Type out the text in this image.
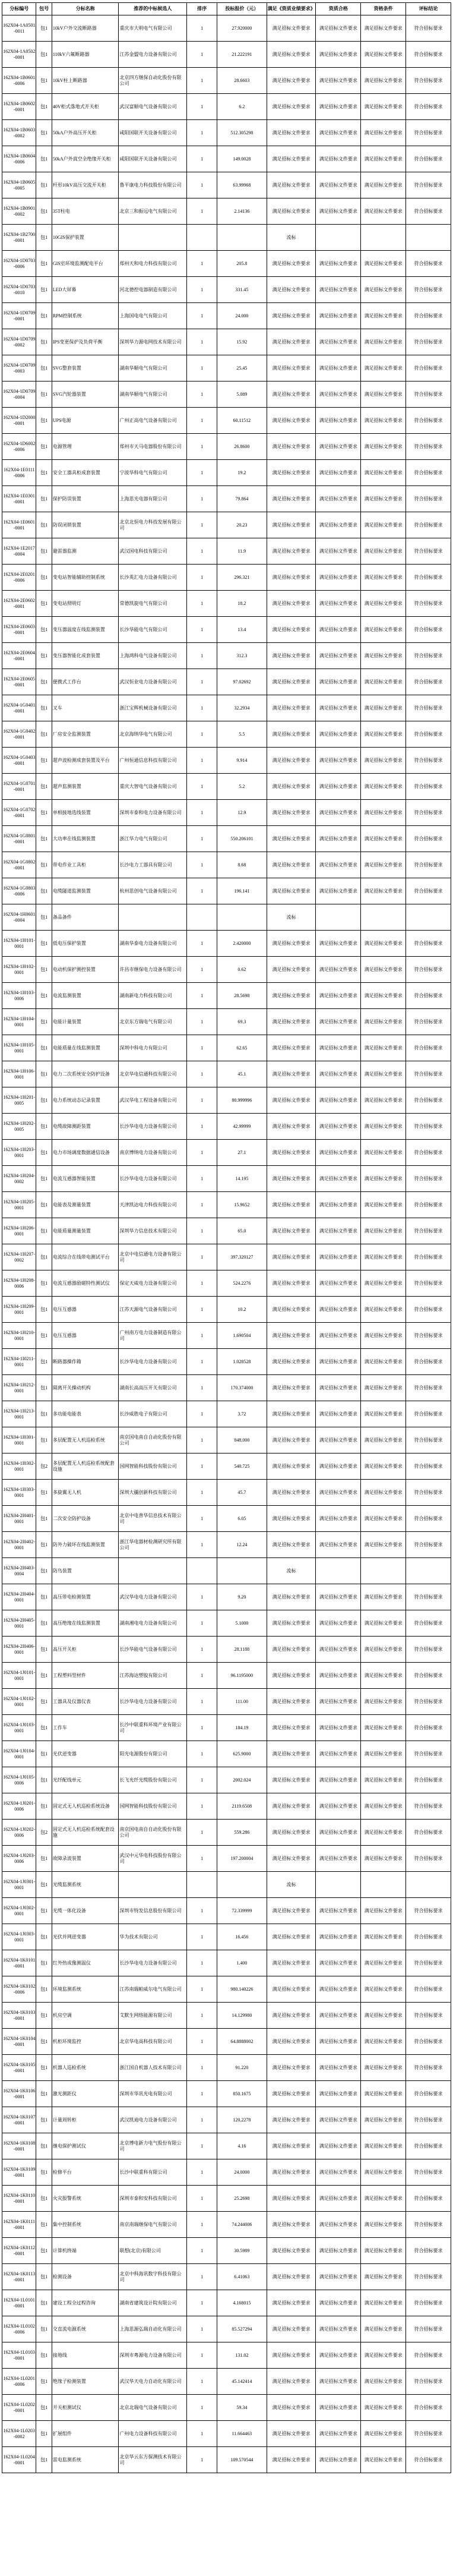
分标编号	包号	分标名称	推荐的中标候选人	排序	投标报价（元）	满足《资质业绩要求》	资质合格	资格条件	评标结论
162X04-1A0501-0011	包1	10kV户外交流断路器	重庆市大明电气有限公司	1	27.920000	满足招标文件要求	满足招标文件要求	满足招标文件要求	符合招标要求
162X04-1A0502-0001	包1	110kV六氟断路器	江苏金盟电力设备有限公司	1	21.222191	满足招标文件要求	满足招标文件要求	满足招标文件要求	符合招标要求
162X04-1B0601-0006	包1	10kV柱上断路器	北京四方继保自动化股份有限公司	1	28.6603	满足招标文件要求	满足招标文件要求	满足招标文件要求	符合招标要求
162X04-1B0602-0001	包1	40V柜式落地式开关柜	武汉富顺电气设备有限公司	1	6.2	满足招标文件要求	满足招标文件要求	满足招标文件要求	符合招标要求
162X04-1B0603-0002	包1	50kA户外高压开关柜	咸阳国联开关设备有限公司	1	512.305298	满足招标文件要求	满足招标文件要求	满足招标文件要求	符合招标要求
162X04-1B0604-0006	包1	50kA户外真空全绝缘开关柜	咸阳国联开关设备有限公司	1	149.0028	满足招标文件要求	满足招标文件要求	满足招标文件要求	符合招标要求
162X04-1B0605-0005	包1	杆形10kV高压交流开关柜	鲁平康电力科技股份有限公司	1	63.99968	满足招标文件要求	满足招标文件要求	满足招标文件要求	符合招标要求
162X04-1B0901-0002	包1	35T柱电	北京三和振远电气有限公司	1	2.14136	满足招标文件要求	满足招标文件要求	满足招标文件要求	符合招标要求
162X04-1B2700-0001	包1	10GIS保护装置				流标			
162X04-1D0703-0006	包1	GIS室环境监测配电平台	郑州天和电力科技有限公司	1	205.8	满足招标文件要求	满足招标文件要求	满足招标文件要求	符合招标要求
162X04-1D0703-0010	包1	LED大屏幕	河北德控电器制造有限公司	1	331.45	满足招标文件要求	满足招标文件要求	满足招标文件要求	符合招标要求
162X04-1D0709-0001	包1	RPM控制系统	上海国电电气有限公司	1	24.000	满足招标文件要求	满足招标文件要求	满足招标文件要求	符合招标要求
162X04-1D0709-0002	包1	IPS变更保护及负荷平衡	深圳华力源电网技术有限公司	1	15.92	满足招标文件要求	满足招标文件要求	满足招标文件要求	符合招标要求
162X04-1D0709-0003	包1	SVG整套装置	湖南华顺电气有限公司	1	25.45	满足招标文件要求	满足招标文件要求	满足招标文件要求	符合招标要求
162X04-1D0709-0004	包1	SVG汽轮器装置	湖南华顺电气有限公司	1	5.089	满足招标文件要求	满足招标文件要求	满足招标文件要求	符合招标要求
162X04-1D2000-0001	包1	UPS电源	广州正高电气设备有限公司	1	60.11512	满足招标文件要求	满足招标文件要求	满足招标文件要求	符合招标要求
162X04-1D6002-0006	包1	电源管理	郑州市天马电器股份有限公司	1	26.8600	满足招标文件要求	满足招标文件要求	满足招标文件要求	符合招标要求
162X04-1E0111-0006	包1	安全工器具柜成套装置	宁波华科电气有限公司	1	19.2	满足招标文件要求	满足招标文件要求	满足招标文件要求	符合招标要求
162X04-1E0301-0001	包1	保护防误装置	上海思光电器有限公司	1	79.864	满足招标文件要求	满足招标文件要求	满足招标文件要求	符合招标要求
162X04-1E0601-0001	包1	防误闭锁装置	北京北恒电力科技发展有限公司	1	20.23	满足招标文件要求	满足招标文件要求	满足招标文件要求	符合招标要求
162X04-1E2017-0004	包1	避雷器监测	武汉国电科技有限公司	1	11.9	满足招标文件要求	满足招标文件要求	满足招标文件要求	符合招标要求
162X04-2E0201-0006	包1	变电站智能辅助控制系统	长沙英汇电力设备有限公司	1	296.321	满足招标文件要求	满足招标文件要求	满足招标文件要求	符合招标要求
162X04-2E0602-0001	包1	变电站照明灯	常德凯旋电气有限公司	1	18.2	满足招标文件要求	满足招标文件要求	满足招标文件要求	符合招标要求
162X04-2E0603-0001	包1	变压器温度在线监测装置	长沙华能电气有限公司	1	13.4	满足招标文件要求	满足招标文件要求	满足招标文件要求	符合招标要求
162X04-2E0604-0001	包1	变压器智能化成套装置	上海鸿科电气设备有限公司	1	312.3	满足招标文件要求	满足招标文件要求	满足招标文件要求	符合招标要求
162X04-2E0605-0001	包1	便携式工作台	武汉恒业电力设备有限公司	1	97.02692	满足招标文件要求	满足招标文件要求	满足招标文件要求	符合招标要求
162X04-1G0401-0001	包1	叉车	浙江宝辉机械设备有限公司	1	32.2934	满足招标文件要求	满足招标文件要求	满足招标文件要求	符合招标要求
162X04-1G0402-0001	包1	厂房安全监测装置	北京海纳华电气有限公司	1	5.5	满足招标文件要求	满足招标文件要求	满足招标文件要求	符合招标要求
162X04-1G0403-0001	包1	超声波检测成套装置及平台	广州恒通信息科技有限公司	1	9.914	满足招标文件要求	满足招标文件要求	满足招标文件要求	符合招标要求
162X04-1G0701-0001	包1	超声监测装置	重庆大智电气设备有限公司	1	5.2	满足招标文件要求	满足招标文件要求	满足招标文件要求	符合招标要求
162X04-1G0702-0001	包1	单相接地选线装置	深圳市泰和电力设备有限公司	1	12.9	满足招标文件要求	满足招标文件要求	满足招标文件要求	符合招标要求
162X04-1G0801-0001	包1	大功率在线监测装置	浙江华力电气有限公司	1	550.206101	满足招标文件要求	满足招标文件要求	满足招标文件要求	符合招标要求
162X04-1G0802-0001	包1	带电作业工具柜	长沙电力工器具有限公司	1	8.68	满足招标文件要求	满足招标文件要求	满足招标文件要求	符合招标要求
162X04-1G0803-0006	包1	电缆隧道监测装置	杭州思创电气设备有限公司	1	196.141	满足招标文件要求	满足招标文件要求	满足招标文件要求	符合招标要求
162X04-1H0601-0004	包1	备品备件				流标			
162X04-1I0101-0001	包1	低电压保护装置	湖南华泰电力设备有限公司	1	2.420000	满足招标文件要求	满足招标文件要求	满足招标文件要求	符合招标要求
162X04-1I0102-0001	包1	电动机保护测控装置	许昌市继保电力设备有限公司	1	0.62	满足招标文件要求	满足招标文件要求	满足招标文件要求	符合招标要求
162X04-1I0103-0006	包1	电流监测装置	湖南新电力科技有限公司	1	28.5698	满足招标文件要求	满足招标文件要求	满足招标文件要求	符合招标要求
162X04-1I0104-0001	包1	电能计量装置	北京东方瑞电气有限公司	1	69.3	满足招标文件要求	满足招标文件要求	满足招标文件要求	符合招标要求
162X04-1I0105-0001	包1	电能质量在线监测装置	深圳中科电力有限公司	1	62.65	满足招标文件要求	满足招标文件要求	满足招标文件要求	符合招标要求
162X04-1I0106-0001	包1	电力二次系统安全防护设备	北京华电信通科技有限公司	1	45.1	满足招标文件要求	满足招标文件要求	满足招标文件要求	符合招标要求
162X04-1I0201-0005	包1	电力系统动态记录装置	武汉华电工程设备有限公司	1	80.999996	满足招标文件要求	满足招标文件要求	满足招标文件要求	符合招标要求
162X04-1I0202-0005	包1	电缆故障测距装置	长沙华电电力设备有限公司	1	42.99999	满足招标文件要求	满足招标文件要求	满足招标文件要求	符合招标要求
162X04-1I0203-0001	包1	电力市场调度数据通信设备	南京博纳电力设备有限公司	1	27.1	满足招标文件要求	满足招标文件要求	满足招标文件要求	符合招标要求
162X04-1I0204-0002	包1	电流互感器智能装置	长沙华电电力设备有限公司	1	14.195	满足招标文件要求	满足招标文件要求	满足招标文件要求	符合招标要求
162X04-1I0205-0001	包1	电能表及测量装置	天津凯达电力科技有限公司	1	15.9652	满足招标文件要求	满足招标文件要求	满足招标文件要求	符合招标要求
162X04-1I0206-0001	包1	电能质量测量装置	深圳华力信息技术有限公司	1	65.0	满足招标文件要求	满足招标文件要求	满足招标文件要求	符合招标要求
162X04-1I0207-0002	包1	电流综合在线带电测试平台	北京中电信通电力设备有限公司	1	397.320127	满足招标文件要求	满足招标文件要求	满足招标文件要求	符合招标要求
162X04-1I0208-0006	包1	电流互感器励磁特性测试仪	保定天威电力设备有限公司	1	524.2276	满足招标文件要求	满足招标文件要求	满足招标文件要求	符合招标要求
162X04-1I0209-0001	包1	电压互感器	江苏天源电气设备有限公司	1	10.2	满足招标文件要求	满足招标文件要求	满足招标文件要求	符合招标要求
162X04-1I0210-0001	包1	电压互感器	广州南方电力设备制造有限公司	1	1.690504	满足招标文件要求	满足招标文件要求	满足招标文件要求	符合招标要求
162X04-1I0211-0001	包1	断路器操作箱	长沙华电电力设备有限公司	1	1.028528	满足招标文件要求	满足招标文件要求	满足招标文件要求	符合招标要求
162X04-1I0212-0001	包1	隔离开关操动机构	湖南长高高压开关有限公司	1	170.374000	满足招标文件要求	满足招标文件要求	满足招标文件要求	符合招标要求
162X04-1I0213-0001	包1	多功能电能表	长沙威胜电子有限公司	1	3.72	满足招标文件要求	满足招标文件要求	满足招标文件要求	符合招标要求
162X04-1I0301-0001	包1	多层配置无人机巡检系统	南京国电南自自动化股份有限公司	1	848.000	满足招标文件要求	满足招标文件要求	满足招标文件要求	符合招标要求
162X04-1I0302-0001	包2	多层配置无人机巡检系统配套设施	国网智能科技股份有限公司	1	540.725	满足招标文件要求	满足招标文件要求	满足招标文件要求	符合招标要求
162X04-1I0303-0001	包1	多旋翼无人机	深圳大疆创新科技有限公司	1	45.7	满足招标文件要求	满足招标文件要求	满足招标文件要求	符合招标要求
162X04-2I0401-0001	包1	二次安全防护设备	北京中电普华信息技术有限公司	1	6.05	满足招标文件要求	满足招标文件要求	满足招标文件要求	符合招标要求
162X04-2I0402-0001	包1	防外力破坏在线监测装置	浙江华电器材检测研究所有限公司	1	12.24	满足招标文件要求	满足招标文件要求	满足招标文件要求	符合招标要求
162X04-2I0403-0004	包1	防鸟装置				流标			
162X04-2I0404-0001	包1	高压带电检测装置	武汉华电电力设备有限公司	1	9.20	满足招标文件要求	满足招标文件要求	满足招标文件要求	符合招标要求
162X04-2I0405-0001	包1	高压绝缘在线监测装置	湖南湘电电力设备有限公司	1	5.1000	满足招标文件要求	满足招标文件要求	满足招标文件要求	符合招标要求
162X04-2I0406-0001	包1	高压开关柜	长沙华能电气设备有限公司	1	28.1188	满足招标文件要求	满足招标文件要求	满足招标文件要求	符合招标要求
162X04-1J0101-0001	包1	工程塑料型材件	江苏海达塑胶有限公司	1	96.1195000	满足招标文件要求	满足招标文件要求	满足招标文件要求	符合招标要求
162X04-1J0102-0001	包1	工器具及仪器仪表	长沙华电电力设备有限公司	1	111.00	满足招标文件要求	满足招标文件要求	满足招标文件要求	符合招标要求
162X04-1J0103-0001	包1	工作车	长沙中联重科环境产业有限公司	1	184.19	满足招标文件要求	满足招标文件要求	满足招标文件要求	符合招标要求
162X04-1J0104-0001	包1	光伏逆变器	阳光电源股份有限公司	1	625.9000	满足招标文件要求	满足招标文件要求	满足招标文件要求	符合招标要求
162X04-1J0105-0006	包1	光纤配线单元	长飞光纤光缆股份有限公司	1	2002.024	满足招标文件要求	满足招标文件要求	满足招标文件要求	符合招标要求
162X04-1J0201-0006	包1	固定式无人机巡检系统设备	国网智能科技股份有限公司	1	2119.6508	满足招标文件要求	满足招标文件要求	满足招标文件要求	符合招标要求
162X04-1J0202-0006	包2	固定式无人机巡检系统配套设施	南京国电南自自动化股份有限公司	1	559.286	满足招标文件要求	满足招标文件要求	满足招标文件要求	符合招标要求
162X04-1J0203-0006	包1	故障录波装置	武汉中元华电科技股份有限公司	1	197.200004	满足招标文件要求	满足招标文件要求	满足招标文件要求	符合招标要求
162X04-1J0301-0001	包1	光缆监测系统				流标			
162X04-1J0302-0001	包1	光缆一体化设备	深圳市特发信息股份有限公司	1	72.339999	满足招标文件要求	满足招标文件要求	满足招标文件要求	符合招标要求
162X04-1J0303-0001	包1	光伏并网逆变器	华为技术有限公司	1	16.456	满足招标文件要求	满足招标文件要求	满足招标文件要求	符合招标要求
162X04-1K0101-0001	包1	红外热成像测温仪	长沙华电电力设备有限公司	1	1.400	满足招标文件要求	满足招标文件要求	满足招标文件要求	符合招标要求
162X04-1K0102-0006	包1	环境监测系统	江苏南瑞帕威尔电气有限公司	1	980.140226	满足招标文件要求	满足招标文件要求	满足招标文件要求	符合招标要求
162X04-1K0103-0001	包1	机房空调	艾默生网络能源有限公司	1	14.129980	满足招标文件要求	满足招标文件要求	满足招标文件要求	符合招标要求
162X04-1K0104-0001	包1	机柜环境监控	北京华电高科技有限公司	1	64.8888002	满足招标文件要求	满足招标文件要求	满足招标文件要求	符合招标要求
162X04-1K0105-0001	包1	机器人巡检系统	浙江国自机器人技术有限公司	1	91.220	满足招标文件要求	满足招标文件要求	满足招标文件要求	符合招标要求
162X04-1K0106-0001	包1	激光测距仪	深圳市华讯光电有限公司	1	850.1675	满足招标文件要求	满足招标文件要求	满足招标文件要求	符合招标要求
162X04-1K0107-0001	包1	计量周转柜	武汉凯迪电力设备有限公司	1	120.2278	满足招标文件要求	满足招标文件要求	满足招标文件要求	符合招标要求
162X04-1K0108-0001	包1	继电保护测试仪	北京博电新力电气股份有限公司	1	4.16	满足招标文件要求	满足招标文件要求	满足招标文件要求	符合招标要求
162X04-1K0109-0001	包1	检修平台	长沙中联重科有限公司	1	24.0000	满足招标文件要求	满足招标文件要求	满足招标文件要求	符合招标要求
162X04-1K0110-0001	包1	火灾报警系统	深圳市泰和安科技有限公司	1	25.2698	满足招标文件要求	满足招标文件要求	满足招标文件要求	符合招标要求
162X04-1K0111-0001	包1	集中控制系统	南京南瑞继保电气有限公司	1	74.244006	满足招标文件要求	满足招标文件要求	满足招标文件要求	符合招标要求
162X04-1K0112-0001	包1	计算机终端	联想(北京)有限公司	1	30.5989	满足招标文件要求	满足招标文件要求	满足招标文件要求	符合招标要求
162X04-1K0113-0001	包1	检测设备	北京中科海讯数字科技有限公司	1	6.41063	满足招标文件要求	满足招标文件要求	满足招标文件要求	符合招标要求
162X04-1L0101-0001	包1	建设工程全过程咨询	湖南省建筑设计院有限公司	1	4.168015	满足招标文件要求	满足招标文件要求	满足招标文件要求	符合招标要求
162X04-1L0102-0006	包1	交直流电源系统	上海思源弘瑞自动化有限公司	1	85.527294	满足招标文件要求	满足招标文件要求	满足招标文件要求	符合招标要求
162X04-1L0103-0001	包1	接地线	深圳市粤源电力设备有限公司	1	131.02	满足招标文件要求	满足招标文件要求	满足招标文件要求	符合招标要求
162X04-1L0201-0006	包1	绝缘子检测装置	武汉华天电力自动化有限公司	1	45.142414	满足招标文件要求	满足招标文件要求	满足招标文件要求	符合招标要求
162X04-1L0202-0001	包1	开关柜测试仪	北京北瑞电气设备有限公司	1	59.34	满足招标文件要求	满足招标文件要求	满足招标文件要求	符合招标要求
162X04-1L0203-0002	包1	扩展组件	广州电力设备科技有限公司	1	11.664463	满足招标文件要求	满足招标文件要求	满足招标文件要求	符合招标要求
162X04-1L0204-0001	包1	雷电监测系统	北京华云东方探测技术有限公司	1	109.570544	满足招标文件要求	满足招标文件要求	满足招标文件要求	符合招标要求
